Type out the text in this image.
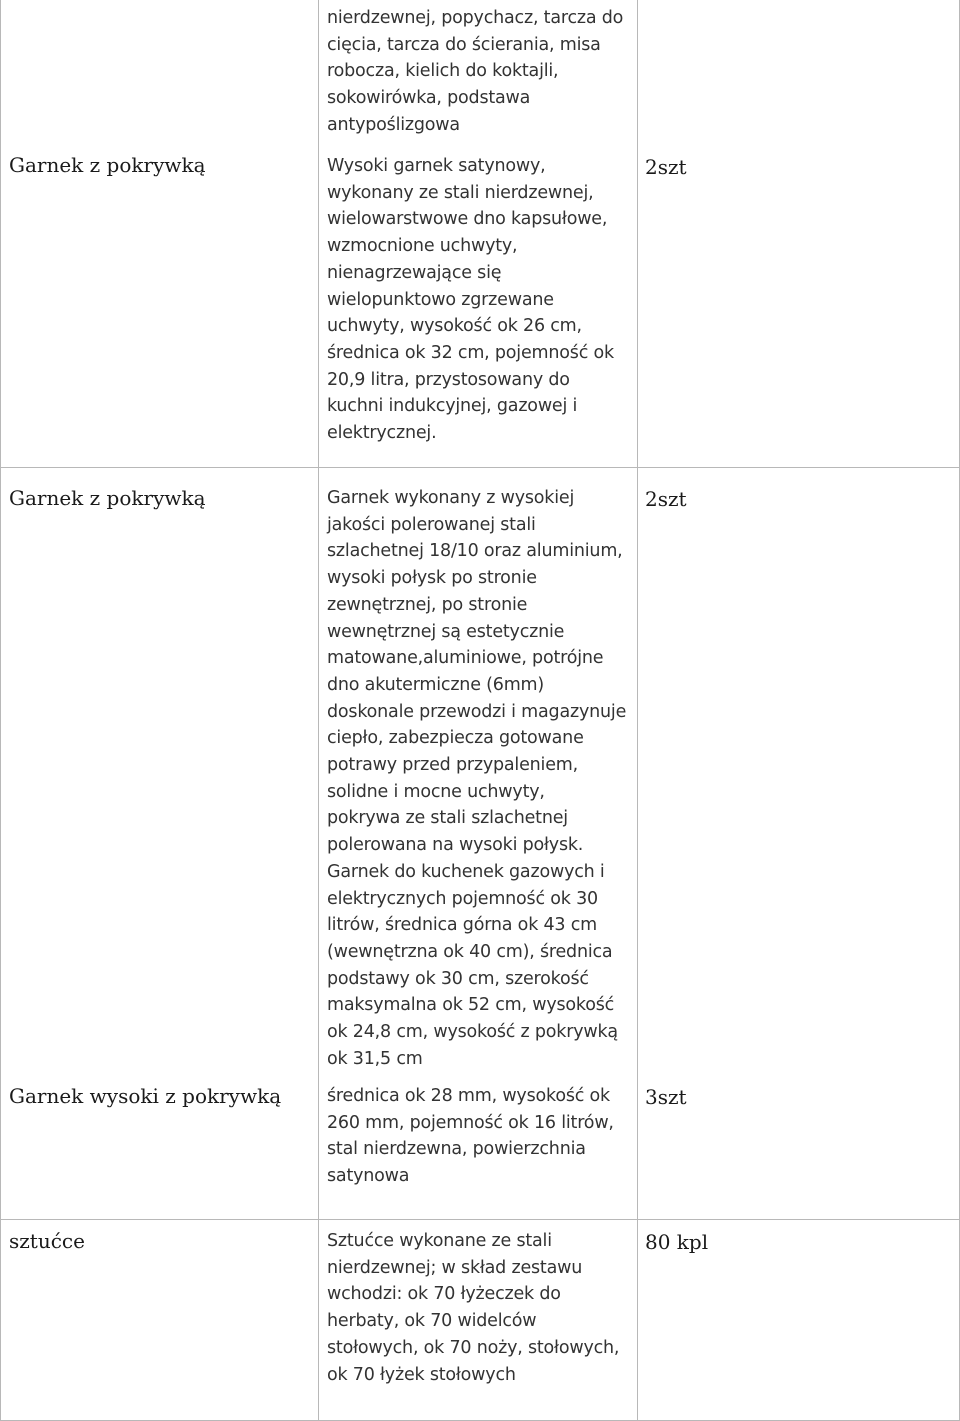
nierdzewnej, popychacz, tarcza do
cięcia, tarcza do ścierania, misa
robocza, kielich do koktajli,
sokowirówka, podstawa
antypoślizgowa
Garnek z pokrywką	Wysoki garnek satynowy,
wykonany ze stali nierdzewnej,
wielowarstwowe dno kapsułowe,
wzmocnione uchwyty,
nienagrzewające się
wielopunktowo zgrzewane
uchwyty, wysokość ok 26 cm,
średnica ok 32 cm, pojemność ok
20,9 litra, przystosowany do
kuchni indukcyjnej, gazowej i
elektrycznej.
2szt
Garnek z pokrywką	Garnek wykonany z wysokiej
jakości polerowanej stali
szlachetnej 18/10 oraz aluminium,
wysoki połysk po stronie
zewnętrznej, po stronie
wewnętrznej są estetycznie
matowane,aluminiowe, potrójne
dno akutermiczne (6mm)
doskonale przewodzi i magazynuje
ciepło, zabezpiecza gotowane
potrawy przed przypaleniem,
solidne i mocne uchwyty,
pokrywa ze stali szlachetnej
polerowana na wysoki połysk.
Garnek do kuchenek gazowych i
elektrycznych pojemność ok 30
litrów, średnica górna ok 43 cm
(wewnętrzna ok 40 cm), średnica
podstawy ok 30 cm, szerokość
maksymalna ok 52 cm, wysokość
ok 24,8 cm, wysokość z pokrywką
ok 31,5 cm
2szt
Garnek wysoki z pokrywką	średnica ok 28 mm, wysokość ok
260 mm, pojemność ok 16 litrów,
stal nierdzewna, powierzchnia
satynowa
3szt
sztućce	Sztućce wykonane ze stali
nierdzewnej; w skład zestawu
wchodzi: ok 70 łyżeczek do
herbaty, ok 70 widelców
stołowych, ok 70 noży, stołowych,
ok 70 łyżek stołowych
80 kpl
